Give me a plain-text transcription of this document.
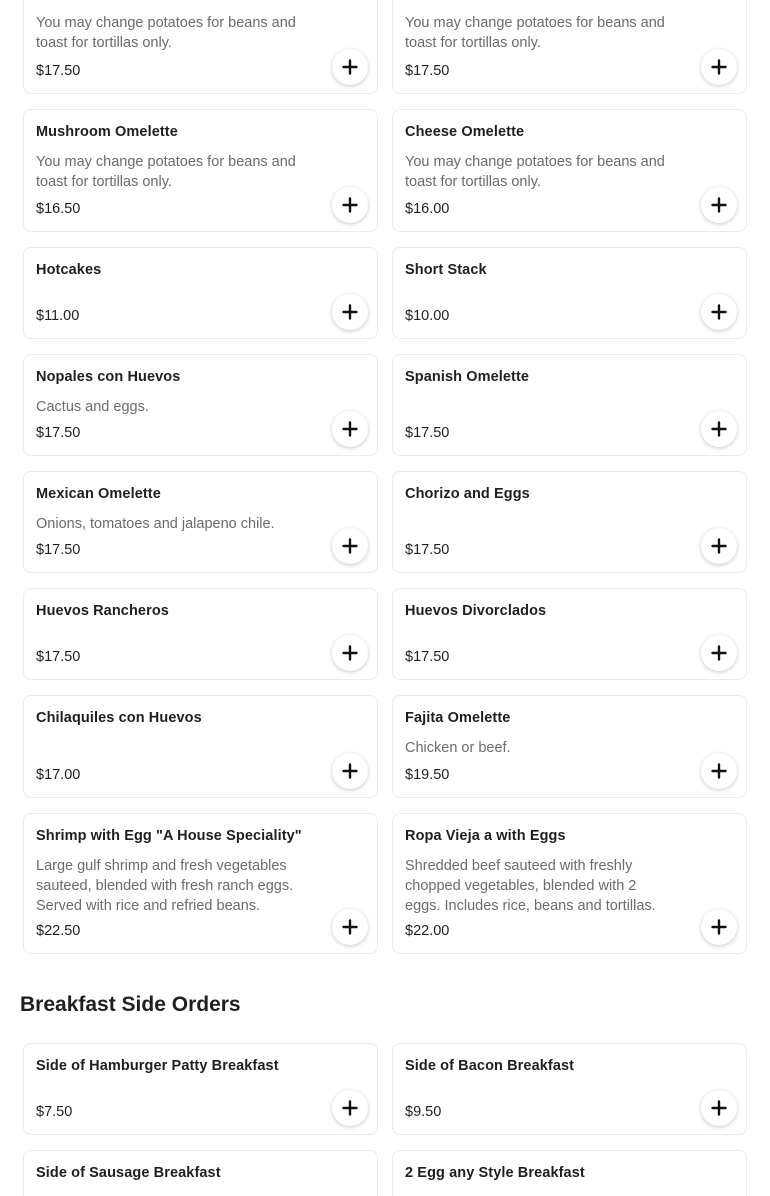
You may change potatoes for beans and toast for tortillas only.
$17.50
You may change potatoes for beans and toast for tortillas only.
$17.50
Mushroom Omelette
You may change potatoes for beans and toast for tortillas only.
$16.50
Cheese Omelette
You may change potatoes for beans and toast for tortillas only.
$16.00
Hotcakes
$11.00
Short Stack
$10.00
Nopales con Huevos
Cactus and eggs.
$17.50
Spanish Omelette
$17.50
Mexican Omelette
Onions, tomatoes and jalapeno chile.
$17.50
Chorizo and Eggs
$17.50
Huevos Rancheros
$17.50
Huevos Divorclados
$17.50
Chilaquiles con Huevos
$17.00
Fajita Omelette
Chicken or beef.
$19.50
Shrimp with Egg "A House Speciality"
Large gulf shrimp and fresh vegetables sauteed, blended with fresh ranch eggs. Served with rice and refried beans.
$22.50
Ropa Vieja a with Eggs
Shredded beef sauteed with freshly chopped vegetables, blended with 2 eggs. Includes rice, beans and tortillas.
$22.00
Breakfast Side Orders
Side of Hamburger Patty Breakfast
$7.50
Side of Bacon Breakfast
$9.50
Side of Sausage Breakfast	2 Egg any Style Breakfast
